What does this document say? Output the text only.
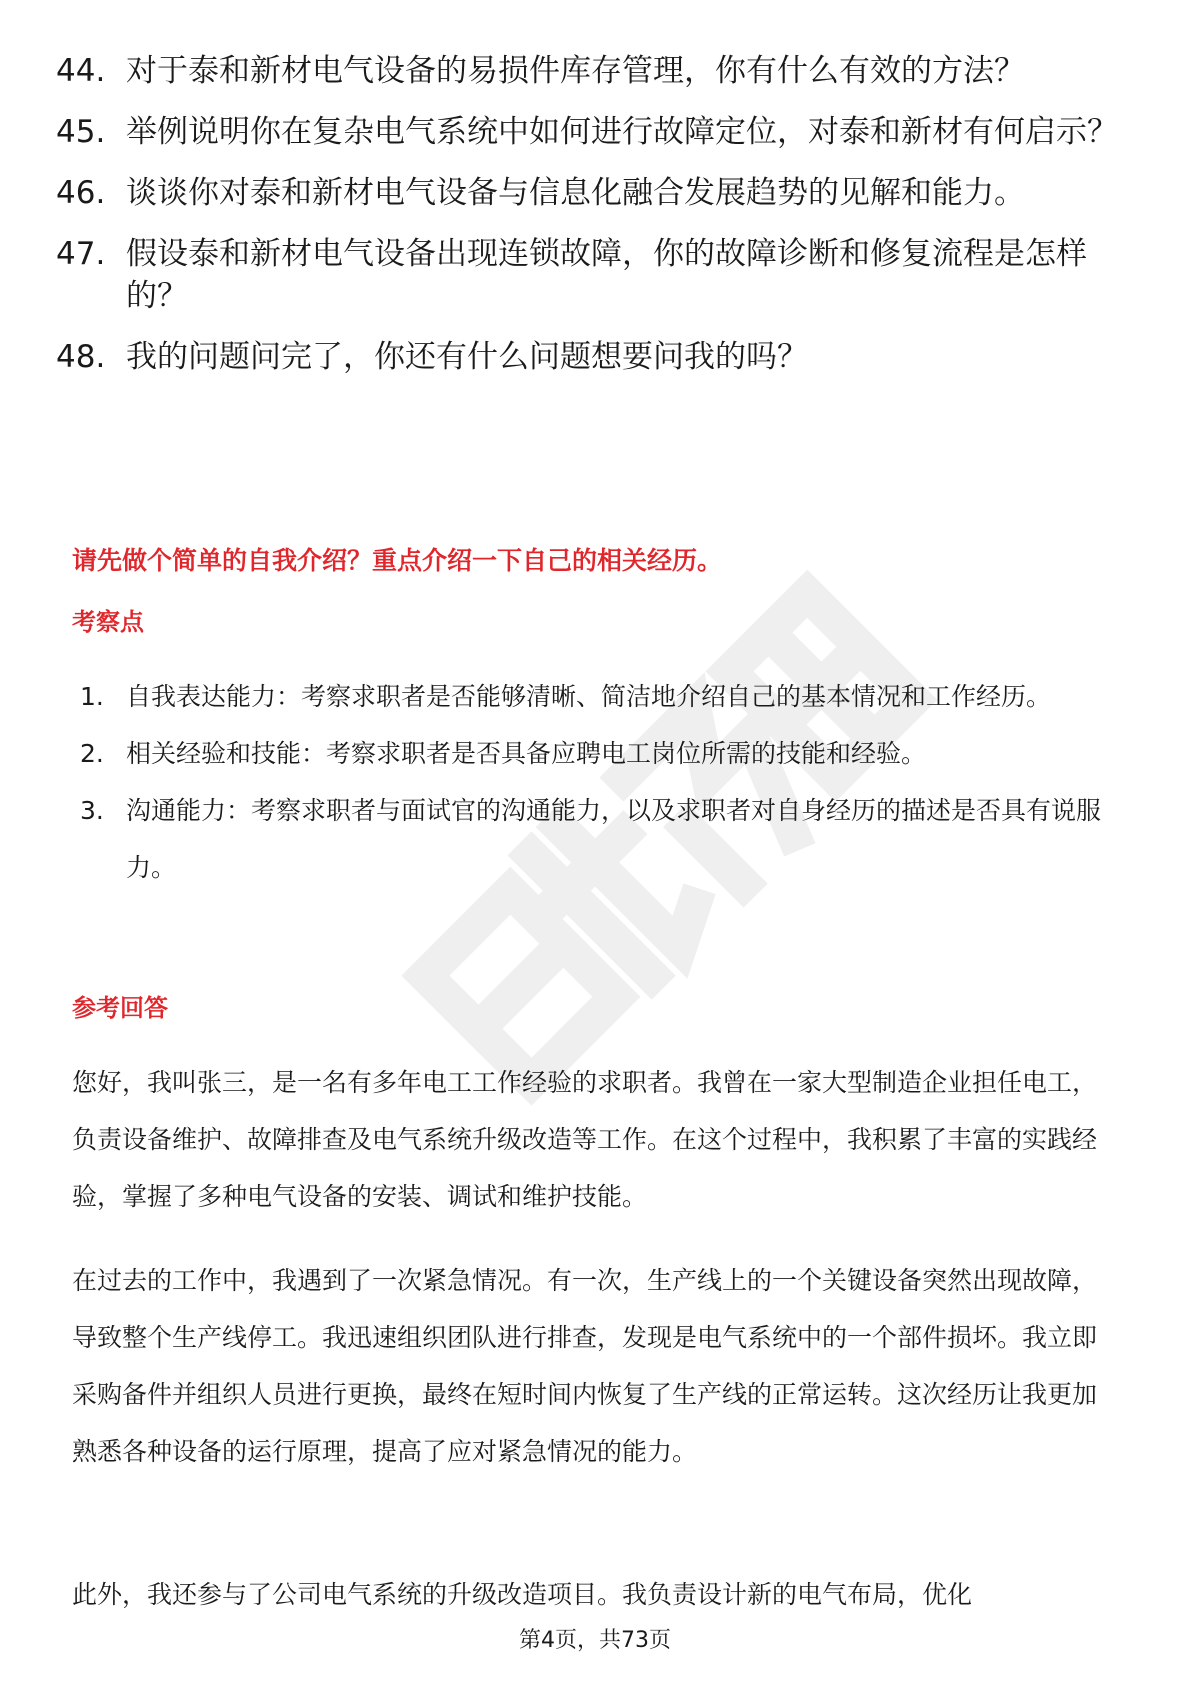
44. 对于泰和新材电气设备的易损件库存管理，你有什么有效的方法？
45. 举例说明你在复杂电气系统中如何进行故障定位，对泰和新材有何启示？
46. 谈谈你对泰和新材电气设备与信息化融合发展趋势的见解和能力。
47. 假设泰和新材电气设备出现连锁故障，你的故障诊断和修复流程是怎样的？
48. 我的问题问完了，你还有什么问题想要问我的吗？
请先做个简单的自我介绍？重点介绍一下自己的相关经历。
考察点
1. 自我表达能力：考察求职者是否能够清晰、简洁地介绍自己的基本情况和工作经历。
2. 相关经验和技能：考察求职者是否具备应聘电工岗位所需的技能和经验。
3. 沟通能力：考察求职者与面试官的沟通能力，以及求职者对自身经历的描述是否具有说服力。
参考回答

您好，我叫张三，是一名有多年电工工作经验的求职者。我曾在一家大型制造企业担任电工，负责设备维护、故障排查及电气系统升级改造等工作。在这个过程中，我积累了丰富的实践经验，掌握了多种电气设备的安装、调试和维护技能。

在过去的工作中，我遇到了一次紧急情况。有一次，生产线上的一个关键设备突然出现故障，导致整个生产线停工。我迅速组织团队进行排查，发现是电气系统中的一个部件损坏。我立即采购备件并组织人员进行更换，最终在短时间内恢复了生产线的正常运转。这次经历让我更加熟悉各种设备的运行原理，提高了应对紧急情况的能力。

此外，我还参与了公司电气系统的升级改造项目。我负责设计新的电气布局，优化

第4页，共73页
